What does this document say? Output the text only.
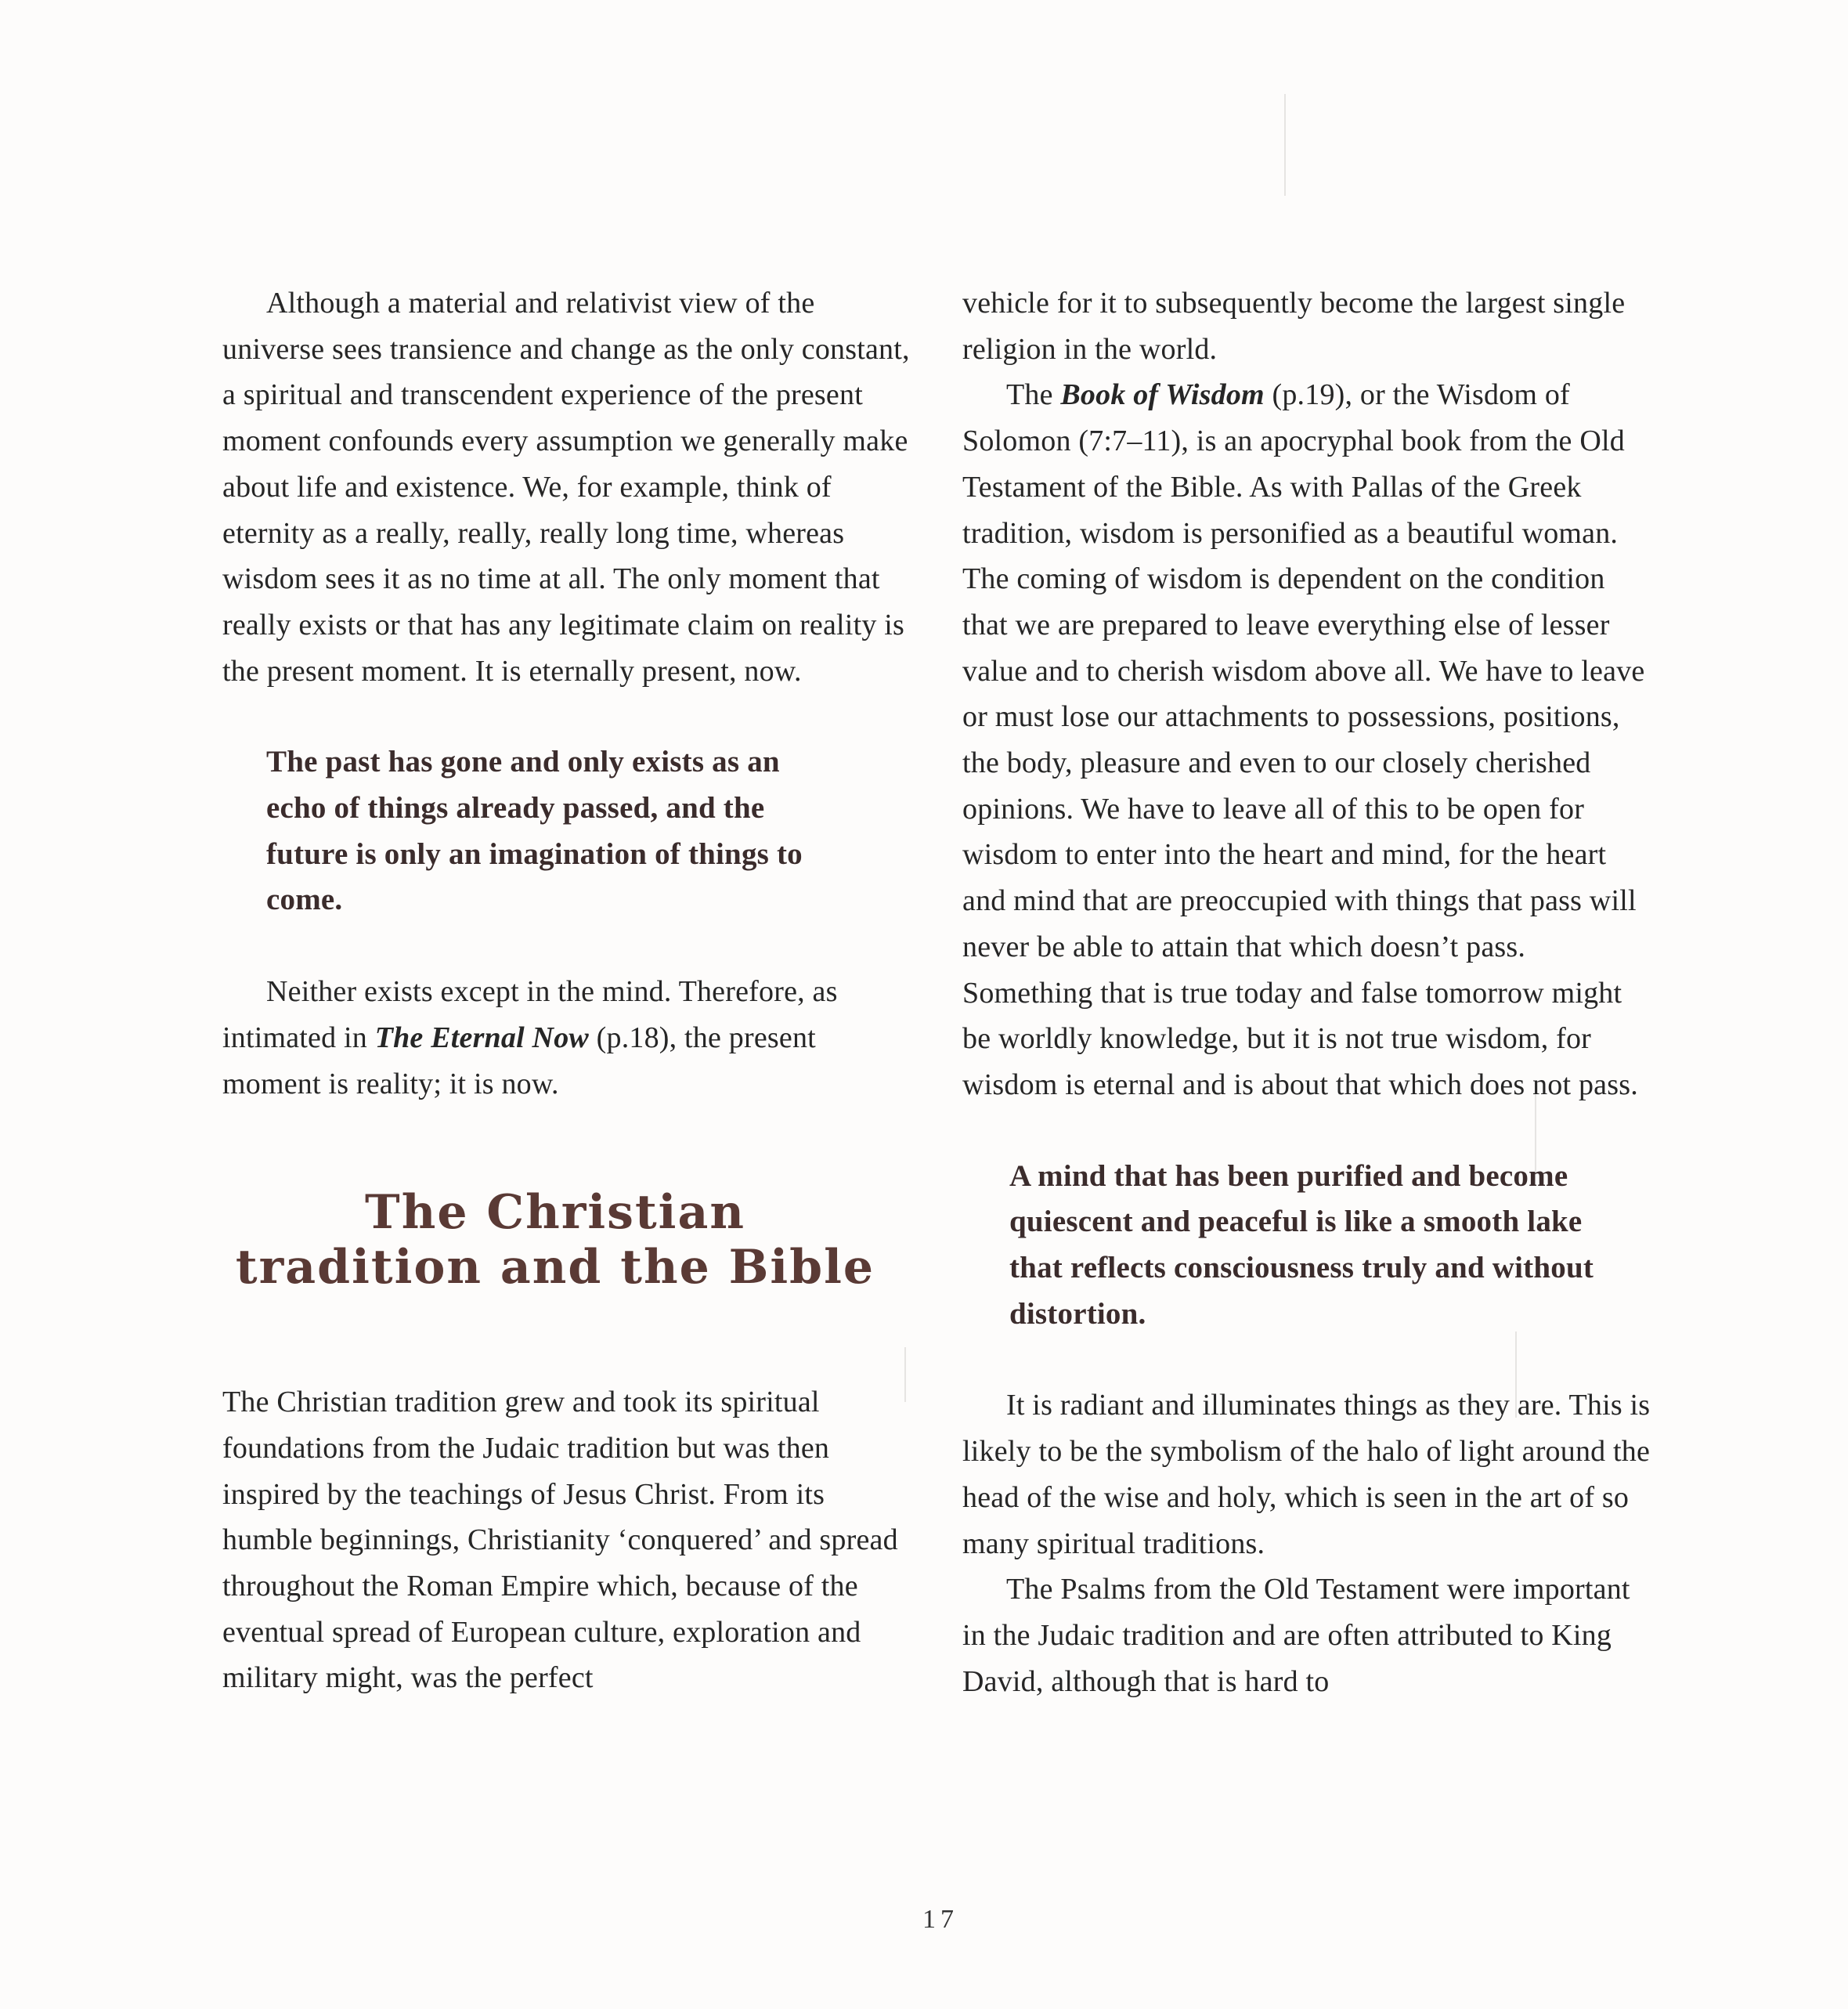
Although a material and relativist view of the universe sees transience and change as the only constant, a spiritual and transcendent experience of the present moment confounds every assumption we generally make about life and existence. We, for example, think of eternity as a really, really, really long time, whereas wisdom sees it as no time at all. The only moment that really exists or that has any legitimate claim on reality is the present moment. It is eternally present, now.

The past has gone and only exists as an echo of things already passed, and the future is only an imagination of things to come.

Neither exists except in the mind. Therefore, as intimated in The Eternal Now (p.18), the present moment is reality; it is now.

The Christian
tradition and the Bible

The Christian tradition grew and took its spiritual foundations from the Judaic tradition but was then inspired by the teachings of Jesus Christ. From its humble beginnings, Christianity ‘conquered’ and spread throughout the Roman Empire which, because of the eventual spread of European culture, exploration and military might, was the perfect

vehicle for it to subsequently become the largest single religion in the world.

The Book of Wisdom (p.19), or the Wisdom of Solomon (7:7–11), is an apocryphal book from the Old Testament of the Bible. As with Pallas of the Greek tradition, wisdom is personified as a beautiful woman. The coming of wisdom is dependent on the condition that we are prepared to leave everything else of lesser value and to cherish wisdom above all. We have to leave or must lose our attachments to possessions, positions, the body, pleasure and even to our closely cherished opinions. We have to leave all of this to be open for wisdom to enter into the heart and mind, for the heart and mind that are preoccupied with things that pass will never be able to attain that which doesn’t pass. Something that is true today and false tomorrow might be worldly knowledge, but it is not true wisdom, for wisdom is eternal and is about that which does not pass.

A mind that has been purified and become quiescent and peaceful is like a smooth lake that reflects consciousness truly and without distortion.

It is radiant and illuminates things as they are. This is likely to be the symbolism of the halo of light around the head of the wise and holy, which is seen in the art of so many spiritual traditions.

The Psalms from the Old Testament were important in the Judaic tradition and are often attributed to King David, although that is hard to

17
